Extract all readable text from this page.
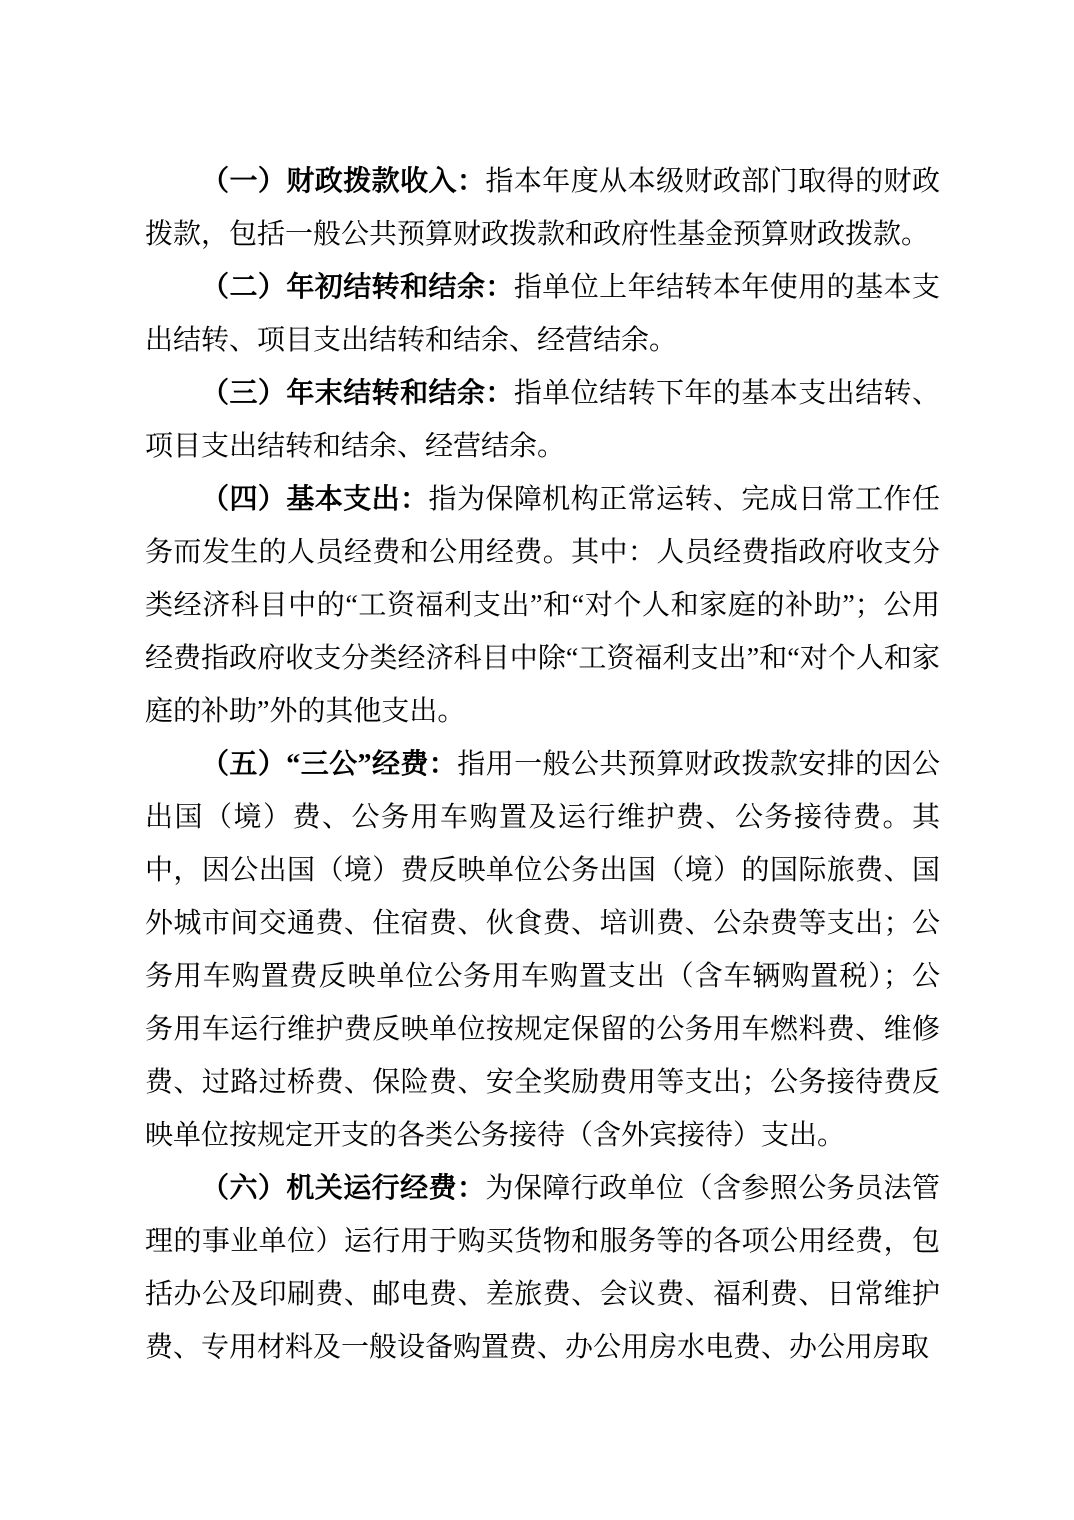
（一）财政拨款收入：指本年度从本级财政部门取得的财政拨款，包括一般公共预算财政拨款和政府性基金预算财政拨款。

（二）年初结转和结余：指单位上年结转本年使用的基本支出结转、项目支出结转和结余、经营结余。

（三）年末结转和结余：指单位结转下年的基本支出结转、项目支出结转和结余、经营结余。

（四）基本支出：指为保障机构正常运转、完成日常工作任务而发生的人员经费和公用经费。其中：人员经费指政府收支分类经济科目中的“工资福利支出”和“对个人和家庭的补助”；公用经费指政府收支分类经济科目中除“工资福利支出”和“对个人和家庭的补助”外的其他支出。

（五）“三公”经费：指用一般公共预算财政拨款安排的因公出国（境）费、公务用车购置及运行维护费、公务接待费。其中，因公出国（境）费反映单位公务出国（境）的国际旅费、国外城市间交通费、住宿费、伙食费、培训费、公杂费等支出；公务用车购置费反映单位公务用车购置支出（含车辆购置税）；公务用车运行维护费反映单位按规定保留的公务用车燃料费、维修费、过路过桥费、保险费、安全奖励费用等支出；公务接待费反映单位按规定开支的各类公务接待（含外宾接待）支出。

（六）机关运行经费：为保障行政单位（含参照公务员法管理的事业单位）运行用于购买货物和服务等的各项公用经费，包括办公及印刷费、邮电费、差旅费、会议费、福利费、日常维护费、专用材料及一般设备购置费、办公用房水电费、办公用房取
